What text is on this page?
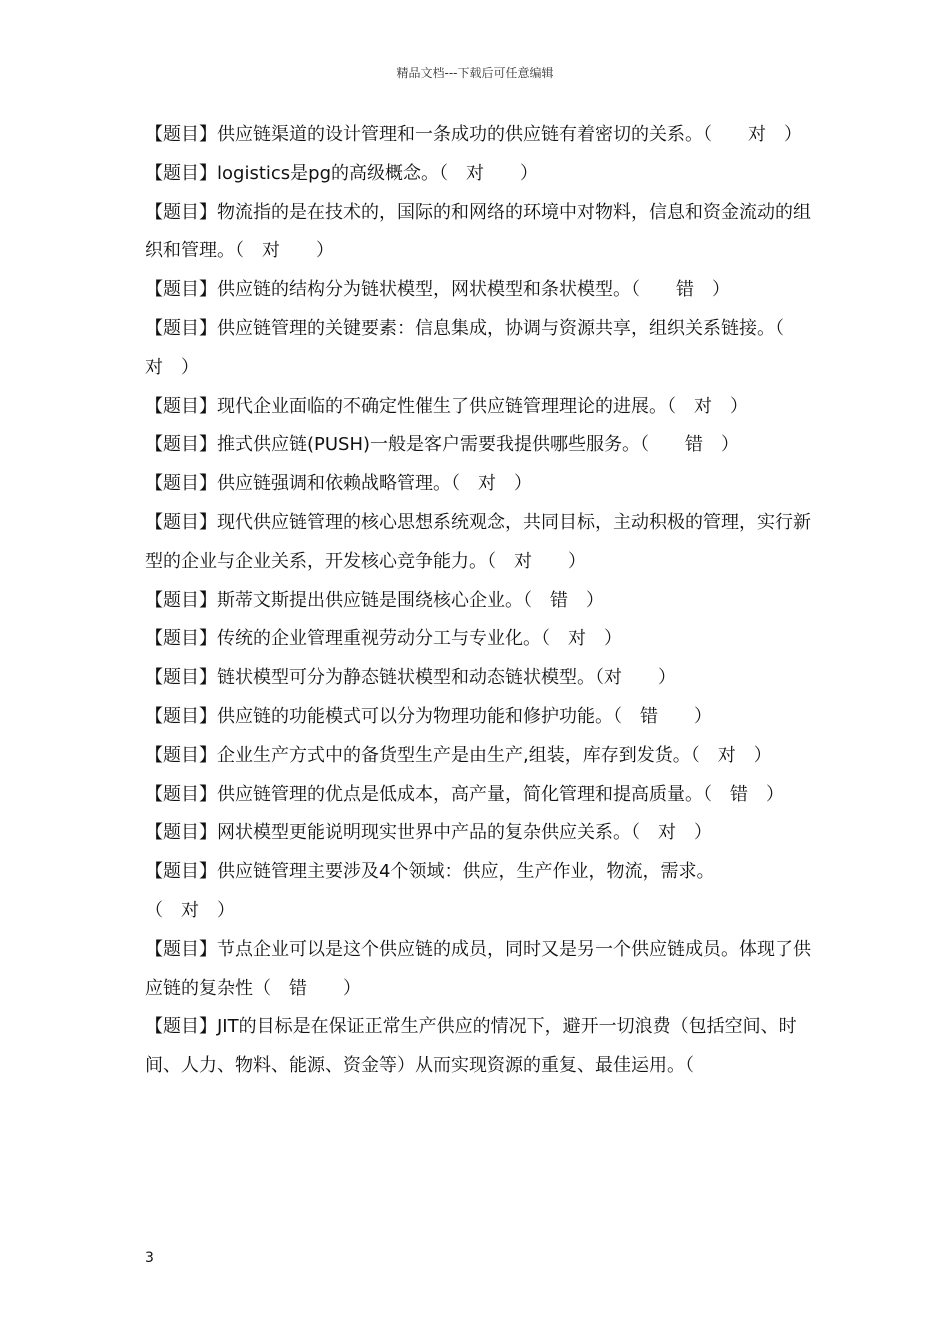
精品文档---下载后可任意编辑

【题目】供应链渠道的设计管理和一条成功的供应链有着密切的关系。（　　对　）

【题目】logistics是pg的高级概念。（　对　　）

【题目】物流指的是在技术的，国际的和网络的环境中对物料，信息和资金流动的组织和管理。（　对　　）

【题目】供应链的结构分为链状模型，网状模型和条状模型。（　　错　）

【题目】供应链管理的关键要素：信息集成，协调与资源共享，组织关系链接。（　对　）

【题目】现代企业面临的不确定性催生了供应链管理理论的进展。（　对　）

【题目】推式供应链(PUSH)一般是客户需要我提供哪些服务。（　　错　）

【题目】供应链强调和依赖战略管理。（　对　）

【题目】现代供应链管理的核心思想系统观念，共同目标，主动积极的管理，实行新型的企业与企业关系，开发核心竞争能力。（　对　　）

【题目】斯蒂文斯提出供应链是围绕核心企业。（　错　）

【题目】传统的企业管理重视劳动分工与专业化。（　对　）

【题目】链状模型可分为静态链状模型和动态链状模型。（对　　）

【题目】供应链的功能模式可以分为物理功能和修护功能。（　错　　）

【题目】企业生产方式中的备货型生产是由生产,组装，库存到发货。（　对　）

【题目】供应链管理的优点是低成本，高产量，简化管理和提高质量。（　错　）

【题目】网状模型更能说明现实世界中产品的复杂供应关系。（　对　）

【题目】供应链管理主要涉及4个领域：供应，生产作业，物流，需求。
（　对　）

【题目】节点企业可以是这个供应链的成员，同时又是另一个供应链成员。体现了供应链的复杂性（　错　　）

【题目】JIT的目标是在保证正常生产供应的情况下，避开一切浪费（包括空间、时间、人力、物料、能源、资金等）从而实现资源的重复、最佳运用。（

3
